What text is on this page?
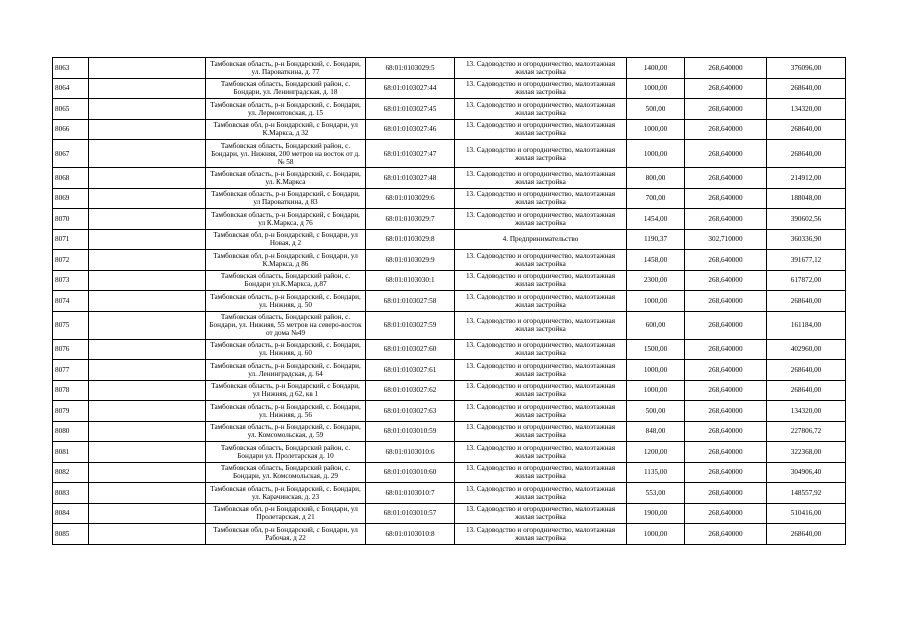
8063		Тамбовская область, р-н Бондарский, с. Бондари, ул. Пароваткина, д. 77	68:01:0103029:5	13. Садоводство и огородничество, малоэтажная жилая застройка	1400,00	268,640000	376096,00
8064		Тамбовская область, Бондарский район, с. Бондари, ул. Ленинградская, д. 18	68:01:0103027:44	13. Садоводство и огородничество, малоэтажная жилая застройка	1000,00	268,640000	268640,00
8065		Тамбовская область, р-н Бондарский, с. Бондари, ул. Лермонтовская, д. 15	68:01:0103027:45	13. Садоводство и огородничество, малоэтажная жилая застройка	500,00	268,640000	134320,00
8066		Тамбовская обл, р-н Бондарский, с Бондари, ул К.Маркса, д 32	68:01:0103027:46	13. Садоводство и огородничество, малоэтажная жилая застройка	1000,00	268,640000	268640,00
8067		Тамбовская область, Бондарский район, с. Бондари, ул. Нижняя, 200 метров на восток от д. № 58	68:01:0103027:47	13. Садоводство и огородничество, малоэтажная жилая застройка	1000,00	268,640000	268640,00
8068		Тамбовская область, р-н Бондарский, с. Бондари, ул. К.Маркса	68:01:0103027:48	13. Садоводство и огородничество, малоэтажная жилая застройка	800,00	268,640000	214912,00
8069		Тамбовская область, р-н Бондарский, с Бондари, ул Пароваткина, д 83	68:01:0103029:6	13. Садоводство и огородничество, малоэтажная жилая застройка	700,00	268,640000	188048,00
8070		Тамбовская область, р-н Бондарский, с Бондари, ул К.Маркса, д 76	68:01:0103029:7	13. Садоводство и огородничество, малоэтажная жилая застройка	1454,00	268,640000	390602,56
8071		Тамбовская обл, р-н Бондарский, с Бондари, ул Новая, д 2	68:01:0103029:8	4. Предпринимательство	1190,37	302,710000	360336,90
8072		Тамбовская обл, р-н Бондарский, с Бондари, ул К.Маркса, д 86	68:01:0103029:9	13. Садоводство и огородничество, малоэтажная жилая застройка	1458,00	268,640000	391677,12
8073		Тамбовская область, Бондарский район, с. Бондари ул.К.Маркса, д.87	68:01:0103030:1	13. Садоводство и огородничество, малоэтажная жилая застройка	2300,00	268,640000	617872,00
8074		Тамбовская область, р-н Бондарский, с. Бондари, ул. Нижняя, д. 50	68:01:0103027:58	13. Садоводство и огородничество, малоэтажная жилая застройка	1000,00	268,640000	268640,00
8075		Тамбовская область, Бондарский район, с. Бондари, ул. Нижняя, 55 метров на северо-восток от дома №49	68:01:0103027:59	13. Садоводство и огородничество, малоэтажная жилая застройка	600,00	268,640000	161184,00
8076		Тамбовская область, р-н Бондарский, с. Бондари, ул. Нижняя, д. 60	68:01:0103027:60	13. Садоводство и огородничество, малоэтажная жилая застройка	1500,00	268,640000	402960,00
8077		Тамбовская область, р-н Бондарский, с. Бондари, ул. Ленинградская, д. 64	68:01:0103027:61	13. Садоводство и огородничество, малоэтажная жилая застройка	1000,00	268,640000	268640,00
8078		Тамбовская область, р-н Бондарский, с Бондари, ул Нижняя, д 62, кв 1	68:01:0103027:62	13. Садоводство и огородничество, малоэтажная жилая застройка	1000,00	268,640000	268640,00
8079		Тамбовская область, р-н Бондарский, с. Бондари, ул. Нижняя, д. 56	68:01:0103027:63	13. Садоводство и огородничество, малоэтажная жилая застройка	500,00	268,640000	134320,00
8080		Тамбовская область, р-н Бондарский, с. Бондари, ул. Комсомольская, д. 59	68:01:0103010:59	13. Садоводство и огородничество, малоэтажная жилая застройка	848,00	268,640000	227806,72
8081		Тамбовская область, Бондарский район, с. Бондари ул. Пролетарская д. 10	68:01:0103010:6	13. Садоводство и огородничество, малоэтажная жилая застройка	1200,00	268,640000	322368,00
8082		Тамбовская область, Бондарский район, с. Бондари, ул. Комсомольская, д. 29	68:01:0103010:60	13. Садоводство и огородничество, малоэтажная жилая застройка	1135,00	268,640000	304906,40
8083		Тамбовская область, р-н Бондарский, с. Бондари, ул. Карачинская, д. 23	68:01:0103010:7	13. Садоводство и огородничество, малоэтажная жилая застройка	553,00	268,640000	148557,92
8084		Тамбовская обл, р-н Бондарский, с Бондари, ул Пролетарская, д 21	68:01:0103010:57	13. Садоводство и огородничество, малоэтажная жилая застройка	1900,00	268,640000	510416,00
8085		Тамбовская обл, р-н Бондарский, с Бондари, ул Рабочая, д 22	68:01:0103010:8	13. Садоводство и огородничество, малоэтажная жилая застройка	1000,00	268,640000	268640,00
